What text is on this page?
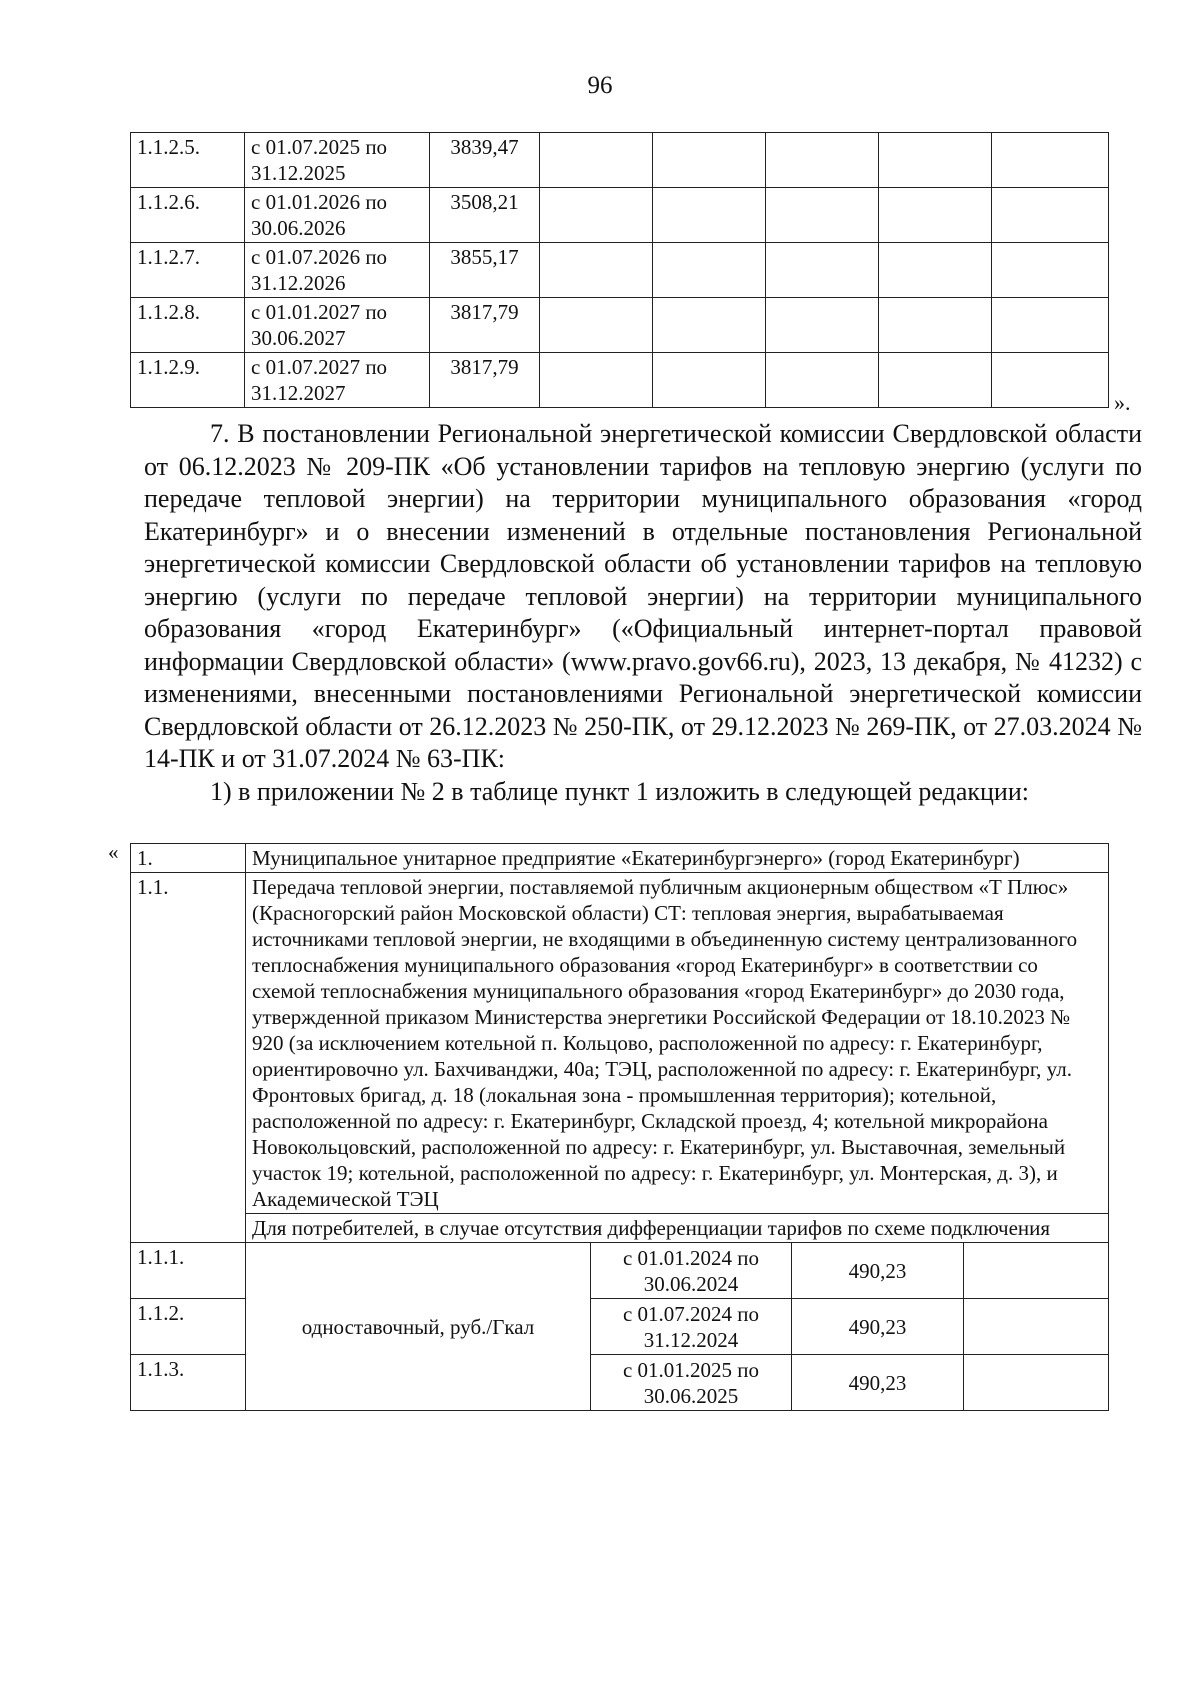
96
1.1.2.5.	с 01.07.2025 по 31.12.2025	3839,47					
1.1.2.6.	с 01.01.2026 по 30.06.2026	3508,21					
1.1.2.7.	с 01.07.2026 по 31.12.2026	3855,17					
1.1.2.8.	с 01.01.2027 по 30.06.2027	3817,79					
1.1.2.9.	с 01.07.2027 по 31.12.2027	3817,79					
».
7. В постановлении Региональной энергетической комиссии Свердловской области от 06.12.2023 № 209-ПК «Об установлении тарифов на тепловую энергию (услуги по передаче тепловой энергии) на территории муниципального образования «город Екатеринбург» и о внесении изменений в отдельные постановления Региональной энергетической комиссии Свердловской области об установлении тарифов на тепловую энергию (услуги по передаче тепловой энергии) на территории муниципального образования «город Екатеринбург» («Официальный интернет-портал правовой информации Свердловской области» (www.pravo.gov66.ru), 2023, 13 декабря, № 41232) с изменениями, внесенными постановлениями Региональной энергетической комиссии Свердловской области от 26.12.2023 № 250-ПК, от 29.12.2023 № 269-ПК, от 27.03.2024 № 14-ПК и от 31.07.2024 № 63-ПК:
1) в приложении № 2 в таблице пункт 1 изложить в следующей редакции:
« 1.	Муниципальное унитарное предприятие «Екатеринбургэнерго» (город Екатеринбург)			
1.1.	Передача тепловой энергии, поставляемой публичным акционерным обществом «Т Плюс» (Красногорский район Московской области) СТ: тепловая энергия, вырабатываемая источниками тепловой энергии, не входящими в объединенную систему централизованного теплоснабжения муниципального образования «город Екатеринбург» в соответствии со схемой теплоснабжения муниципального образования «город Екатеринбург» до 2030 года, утвержденной приказом Министерства энергетики Российской Федерации от 18.10.2023 № 920 (за исключением котельной п. Кольцово, расположенной по адресу: г. Екатеринбург, ориентировочно ул. Бахчиванджи, 40а; ТЭЦ, расположенной по адресу: г. Екатеринбург, ул. Фронтовых бригад, д. 18 (локальная зона - промышленная территория); котельной, расположенной по адресу: г. Екатеринбург, Складской проезд, 4; котельной микрорайона Новокольцовский, расположенной по адресу: г. Екатеринбург, ул. Выставочная, земельный участок 19; котельной, расположенной по адресу: г. Екатеринбург, ул. Монтерская, д. 3), и Академической ТЭЦ			
	Для потребителей, в случае отсутствия дифференциации тарифов по схеме подключения			
1.1.1.	одноставочный, руб./Гкал	с 01.01.2024 по 30.06.2024	490,23	
1.1.2.		с 01.07.2024 по 31.12.2024	490,23	
1.1.3.		с 01.01.2025 по 30.06.2025	490,23	
